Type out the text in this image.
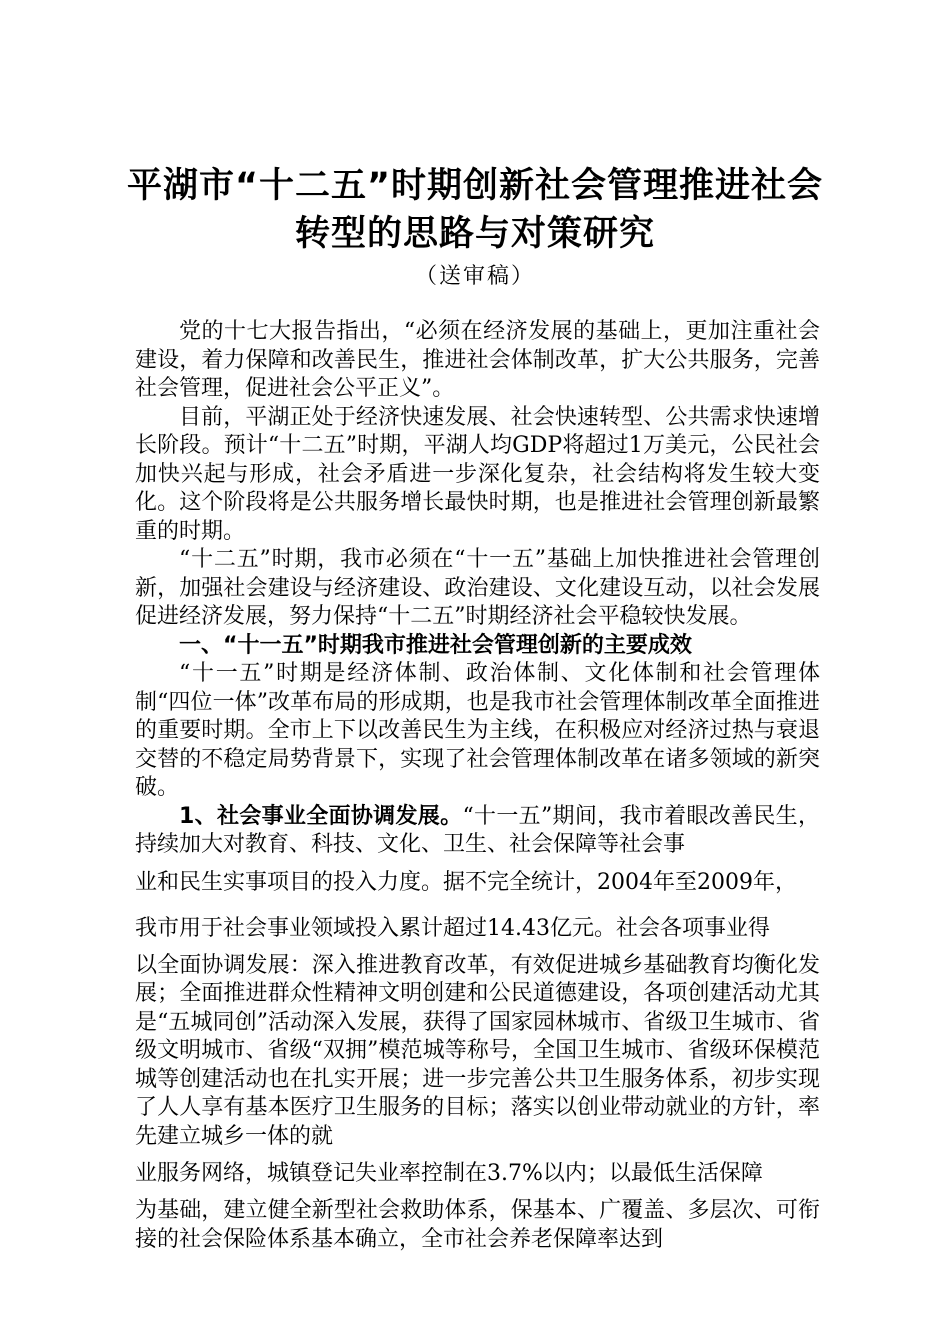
平湖市“十二五”时期创新社会管理推进社会
转型的思路与对策研究
（送审稿）

党的十七大报告指出，“必须在经济发展的基础上，更加注重社会建设，着力保障和改善民生，推进社会体制改革，扩大公共服务，完善社会管理，促进社会公平正义”。

目前，平湖正处于经济快速发展、社会快速转型、公共需求快速增长阶段。预计“十二五”时期，平湖人均GDP将超过1万美元，公民社会加快兴起与形成，社会矛盾进一步深化复杂，社会结构将发生较大变化。这个阶段将是公共服务增长最快时期，也是推进社会管理创新最繁重的时期。

“十二五”时期，我市必须在“十一五”基础上加快推进社会管理创新，加强社会建设与经济建设、政治建设、文化建设互动，以社会发展促进经济发展，努力保持“十二五”时期经济社会平稳较快发展。

一、“十一五”时期我市推进社会管理创新的主要成效

“十一五”时期是经济体制、政治体制、文化体制和社会管理体制“四位一体”改革布局的形成期，也是我市社会管理体制改革全面推进的重要时期。全市上下以改善民生为主线，在积极应对经济过热与衰退交替的不稳定局势背景下，实现了社会管理体制改革在诸多领域的新突破。

1、社会事业全面协调发展。“十一五”期间，我市着眼改善民生，持续加大对教育、科技、文化、卫生、社会保障等社会事

业和民生实事项目的投入力度。据不完全统计，2004年至2009年，
我市用于社会事业领域投入累计超过14.43亿元。社会各项事业得
以全面协调发展：深入推进教育改革，有效促进城乡基础教育均衡化发展；全面推进群众性精神文明创建和公民道德建设，各项创建活动尤其是“五城同创”活动深入发展，获得了国家园林城市、省级卫生城市、省级文明城市、省级“双拥”模范城等称号，全国卫生城市、省级环保模范城等创建活动也在扎实开展；进一步完善公共卫生服务体系，初步实现了人人享有基本医疗卫生服务的目标；落实以创业带动就业的方针，率先建立城乡一体的就
业服务网络，城镇登记失业率控制在3.7%以内；以最低生活保障
为基础，建立健全新型社会救助体系，保基本、广覆盖、多层次、可衔接的社会保险体系基本确立，全市社会养老保障率达到
